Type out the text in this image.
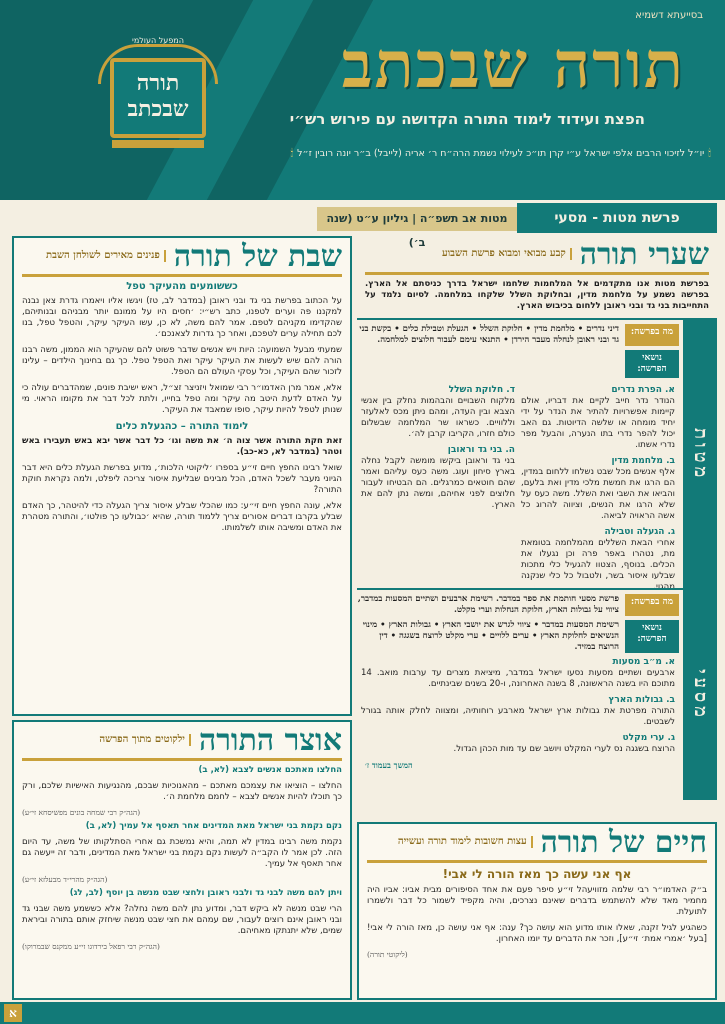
בסייעתא דשמיא
תורה שבכתב
הפצת ועידוד לימוד התורה הקדושה עם פירוש רש״י
🕯יו״ל לזיכוי הרבים אלפי ישראל ע״י קרן תו״כ לעילוי נשמת הרה״ח ר׳ אריה (לייבל) ב״ר יונה רובין ז״ל🕯
המפעל העולמי
תורה שבכתב
פרשת מטות - מסעי
מטות אב תשפ״ה | גיליון ע״ט (שנה ב׳)	שערי תורה
קבע מבואי ומבוא פרשת השבוע
בפרשת מטות אנו מתקדמים אל המלחמות שלחמו ישראל בדרך כניסתם אל הארץ. בפרשה נשמע על מלחמת מדין, ובחלוקת השלל שלקחו במלחמה. לסיום נלמד על התחייבות בני גד ובני ראובן ללחום בכיבוש הארץ.
מטות
מה בפרשה:
דיני נדרים • מלחמת מדין • חלוקת השלל • הגעלת וטבילת כלים • בקשת בני גד ובני ראובן לנחלה מעבר הירדן • התנאי עימם לעבור חלוצים למלחמה.
נושאי הפרשה:
א. הפרת נדרים

הנודר נדר חייב לקיים את דבריו, אולם קיימות אפשרויות להתיר את הנדר על ידי יחיד מומחה או שלשה הדיוטות. גם האב יכול להפר נדרי בתו הנערה, והבעל מפר נדרי אשתו.

ב. מלחמת מדין

אלף אנשים מכל שבט נשלחו ללחום במדין, הם הרגו את חמשת מלכי מדין ואת בלעם, והביאו את השבי ואת השלל. משה כעס על שלא הרגו את הנשים, וציווה להרוג כל אשה הראויה לביאה.

ג. הגעלה וטבילה

אחרי הבאת השללים מהמלחמה בטומאת מת, נטהרו באפר פרה וכן נגעלו את הכלים. בנוסף, הצטוו להגעיל כלי מתכות שבלעו איסור בשר, ולטבול כל כלי שנקנה מהגוי.

ד. חלוקת השלל

מלקוח השבויים והבהמות נחלק בין אנשי הצבא ובין העדה, ומהם ניתן מכס לאלעזר וללוויים. כשראו שר המלחמה שבשלום כולם חזרו, הקריבו קרבן לה׳.

ה. בני גד וראובן

בני גד וראובן ביקשו מומשה לקבל נחלה בארץ סיחון ועוג. משה כעס עליהם ואמר שהם חוטאים כמרגלים. הם הבטיחו לעבור חלוצים לפני אחיהם, ומשה נתן להם את הארץ.

מסעי
מה בפרשה:
פרשת מסעי חותמת את ספר במדבר. רשימת ארבעים ושתיים המסעות במדבר, ציווי על גבולות הארץ, חלוקת הנחלות וערי מקלט.
נושאי הפרשה:
רשימת המסעות במדבר • ציווי לגרש את יושבי הארץ • גבולות הארץ • מינוי הנשיאים לחלוקת הארץ • ערים ללויים • ערי מקלט לרוצח בשגגה • דין הרוצח במזיד.
א. מ״ב מסעות

ארבעים ושתיים מסעות נסעו ישראל במדבר, מיציאת מצרים עד ערבות מואב. 14 מתוכם היו בשנה הראשונה, 8 בשנה האחרונה, ו-20 בשנים שבינתיים.

ב. גבולות הארץ

התורה מפרטת את גבולות ארץ ישראל מארבע רוחותיה, ומצווה לחלק אותה בגורל לשבטים.

ג. ערי מקלט

הרוצח בשגגה נס לערי המקלט ויושב שם עד מות הכהן הגדול.

המשך בעמוד ז׳
שבת של תורה
פנינים מאירים לשולחן השבת
כששומעים מהעיקר טפל

על הכתוב בפרשת בני גד ובני ראובן (במדבר לב, טז) ויגשו אליו ויאמרו גדרת צאן נבנה למקננו פה וערים לטפנו, כתב רש״י: ׳חסים היו על ממונם יותר מבניהם ובנותיהם, שהקדימו מקניהם לטפם. אמר להם משה, לא כן, עשו העיקר עיקר, והטפל טפל, בנו לכם תחילה ערים לטפכם, ואחר כך גדרות לצאנכם׳.

שמעתי מבעל השמועה: היות ויש אנשים שדבר פשוט להם שהעיקר הוא הממון, משה רבנו הורה להם שיש לעשות את העיקר עיקר ואת הטפל טפל. כך גם בחינוך הילדים – עלינו לזכור שהם העיקר, וכל עסקי העולם הם הטפל.

אלא, אמר מרן האדמו״ר רבי שמואל ויזניצר זצ״ל, ראש ישיבת פונים, שמהדברים עולה כי על האדם לדעת היטב מה עיקר ומה טפל בחייו, ולתת לכל דבר את מקומו הראוי. מי שנותן לטפל להיות עיקר, סופו שמאבד את העיקר.

לימוד התורה – כהגעלת כלים

זאת חקת התורה אשר צוה ה׳ את משה וגו׳ כל דבר אשר יבא באש תעבירו באש וטהר (במדבר לא, כא-כב).

שואל רבינו החפץ חיים זי״ע בספרו ׳ליקוטי הלכות׳, מדוע בפרשת הגעלת כלים היא דבר הגיוני מעבר לשכל האדם, הכל מבינים שבליעת איסור צריכה ליפלט, ולמה נקראת חוקת התורה?

אלא, עונה החפץ חיים זי״ע: כמו שהכלי שבלע איסור צריך הגעלה כדי להיטהר, כך האדם שבלע בקרבו דברים אסורים צריך ללמוד תורה, שהיא ׳כבולעו כך פולטו׳, והתורה מטהרת את האדם ומשיבה אותו לשלמותו.

אוצר התורה
ילקוטים מתוך הפרשה

החלצו מאתכם אנשים לצבא (לא, ב)

החלצו – הוציאו את עצמכם מאתכם – מהאנוכיות שבכם, מהנגיעות האישיות שלכם, ורק כך תוכלו להיות אנשים לצבא – לחמם מלחמת ה׳.

(הגה״ק רבי שמחה בונים מפשיסחא זי״ע)

נקם נקמת בני ישראל מאת המדינים אחר תאסף אל עמיך (לא, ב)

נקמת משה רבינו במדין לא תמה, והיא נמשכת גם אחרי הסתלקותו של משה, עד היום הזה. לכן אמר לו הקב״ה לעשות נקם נקמת בני ישראל מאת המדינים, ודבר זה ייעשה גם אחר תאסף אל עמיך.

(הגה״ק מהרי״ד מבעלזא זי״ע)

ויתן להם משה לבני גד ולבני ראובן ולחצי שבט מנשה בן יוסף (לב, לג)

הרי שבט מנשה לא ביקש דבר, ומדוע נתן להם משה נחלה? אלא כששמע משה שבני גד ובני ראובן אינם רוצים לעבור, שם עמהם את חצי שבט מנשה שיחזק אותם בתורה וביראת שמים, שלא יתנתקו מאחיהם.

(הגה״ק רבי רפאל בירדוגו זי״ע ממקנס שבמרוקו)
חיים של תורה
עצות חשובות לימוד תורה ועשייה
אף אני עשה כך מאז הורה לי אבי!

ב״ק האדמו״ר רבי שלמה מזוויעהל זי״ע סיפר פעם את אחד הסיפורים מבית אביו: אביו היה מחמיר מאד שלא להשתמש בדברים שאינם נצרכים, והיה מקפיד לשמור כל דבר ולשמרו לתועלת.

כשהגיע לגיל זקנה, שאלו אותו מדוע הוא עושה כך? ענה: אף אני עושה כן, מאז הורה לי אבי! [בעל ׳אמרי אמת׳ זי״ע], וזכר את הדברים עד יומו האחרון.

(ליקוטי תורה)
א
